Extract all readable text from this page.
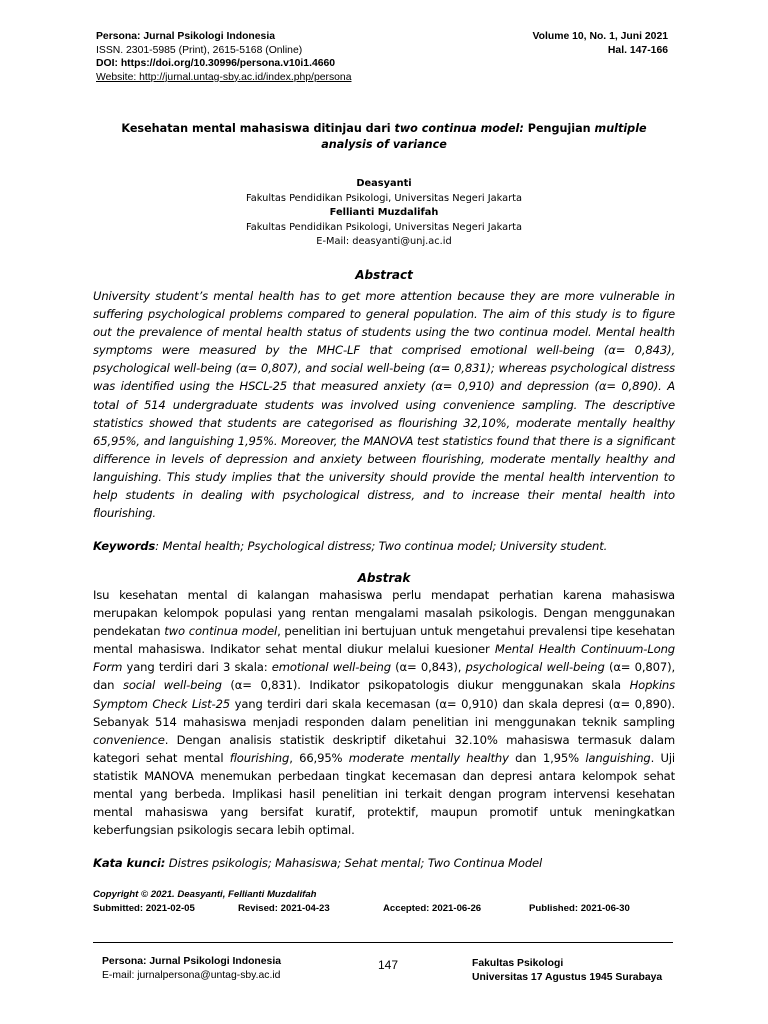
Persona: Jurnal Psikologi Indonesia
ISSN. 2301-5985 (Print), 2615-5168 (Online)
DOI: https://doi.org/10.30996/persona.v10i1.4660
Website: http://jurnal.untag-sby.ac.id/index.php/persona
Volume 10, No. 1, Juni 2021
Hal. 147-166
Kesehatan mental mahasiswa ditinjau dari two continua model: Pengujian multiple analysis of variance
Deasyanti
Fakultas Pendidikan Psikologi, Universitas Negeri Jakarta
Fellianti Muzdalifah
Fakultas Pendidikan Psikologi, Universitas Negeri Jakarta
E-Mail: deasyanti@unj.ac.id
Abstract
University student’s mental health has to get more attention because they are more vulnerable in suffering psychological problems compared to general population. The aim of this study is to figure out the prevalence of mental health status of students using the two continua model. Mental health symptoms were measured by the MHC-LF that comprised emotional well-being (α= 0,843), psychological well-being (α= 0,807), and social well-being (α= 0,831); whereas psychological distress was identified using the HSCL-25 that measured anxiety (α= 0,910) and depression (α= 0,890). A total of 514 undergraduate students was involved using convenience sampling. The descriptive statistics showed that students are categorised as flourishing 32,10%, moderate mentally healthy 65,95%, and languishing 1,95%. Moreover, the MANOVA test statistics found that there is a significant difference in levels of depression and anxiety between flourishing, moderate mentally healthy and languishing. This study implies that the university should provide the mental health intervention to help students in dealing with psychological distress, and to increase their mental health into flourishing.
Keywords: Mental health; Psychological distress; Two continua model; University student.
Abstrak
Isu kesehatan mental di kalangan mahasiswa perlu mendapat perhatian karena mahasiswa merupakan kelompok populasi yang rentan mengalami masalah psikologis. Dengan menggunakan pendekatan two continua model, penelitian ini bertujuan untuk mengetahui prevalensi tipe kesehatan mental mahasiswa. Indikator sehat mental diukur melalui kuesioner Mental Health Continuum-Long Form yang terdiri dari 3 skala: emotional well-being (α= 0,843), psychological well-being (α= 0,807), dan social well-being (α= 0,831). Indikator psikopatologis diukur menggunakan skala Hopkins Symptom Check List-25 yang terdiri dari skala kecemasan (α= 0,910) dan skala depresi (α= 0,890). Sebanyak 514 mahasiswa menjadi responden dalam penelitian ini menggunakan teknik sampling convenience. Dengan analisis statistik deskriptif diketahui 32.10% mahasiswa termasuk dalam kategori sehat mental flourishing, 66,95% moderate mentally healthy dan 1,95% languishing. Uji statistik MANOVA menemukan perbedaan tingkat kecemasan dan depresi antara kelompok sehat mental yang berbeda. Implikasi hasil penelitian ini terkait dengan program intervensi kesehatan mental mahasiswa yang bersifat kuratif, protektif, maupun promotif untuk meningkatkan keberfungsian psikologis secara lebih optimal.
Kata kunci: Distres psikologis; Mahasiswa; Sehat mental; Two Continua Model
Copyright © 2021. Deasyanti, Fellianti Muzdalifah
Submitted: 2021-02-05	Revised: 2021-04-23	Accepted: 2021-06-26	Published: 2021-06-30
Persona: Jurnal Psikologi Indonesia
E-mail: jurnalpersona@untag-sby.ac.id
147	Fakultas Psikologi
Universitas 17 Agustus 1945 Surabaya
